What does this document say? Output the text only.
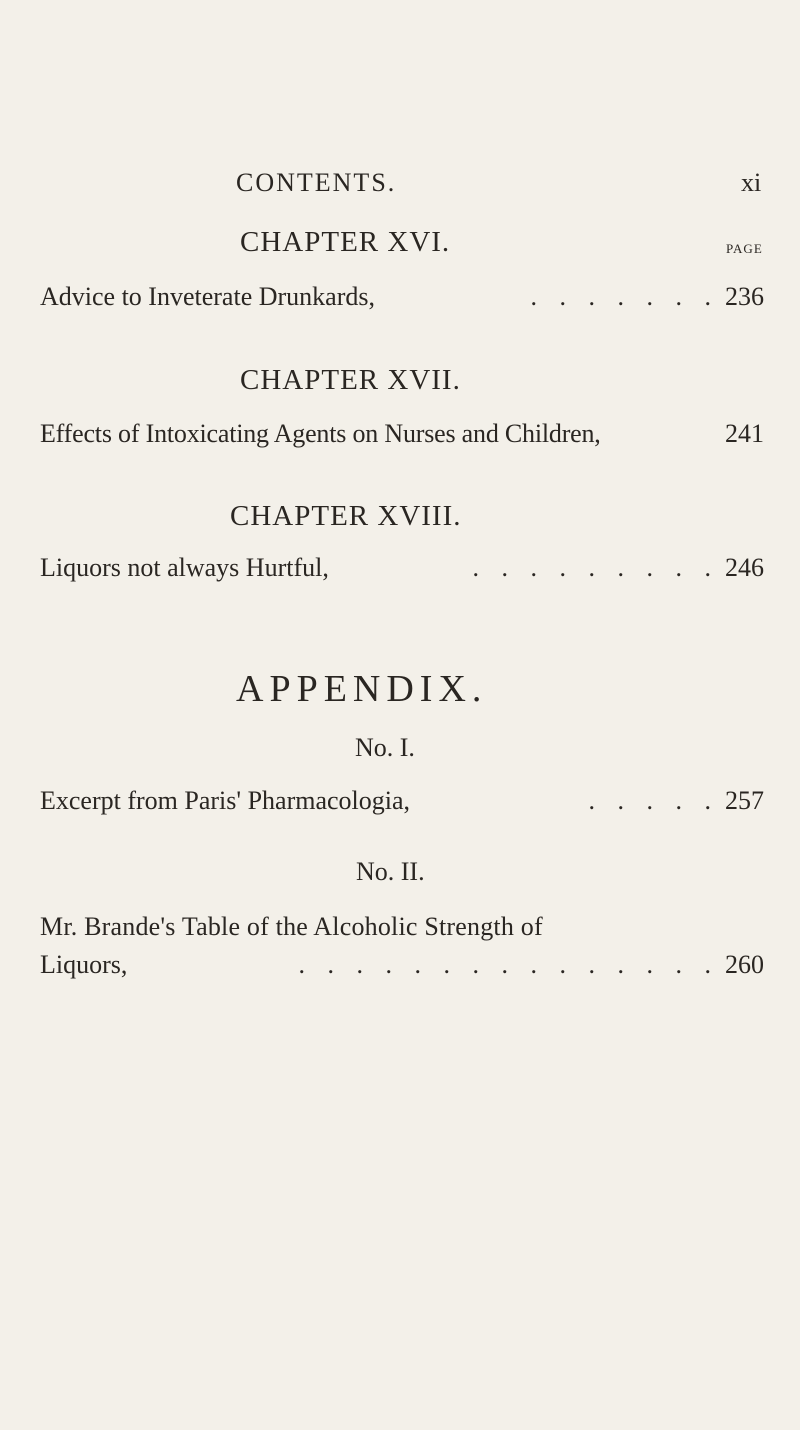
CONTENTS.	xi
CHAPTER XVI.	PAGE
Advice to Inveterate Drunkards,	. . . . . . . 236
CHAPTER XVII.
Effects of Intoxicating Agents on Nurses and Children,	241
CHAPTER XVIII.
Liquors not always Hurtful,	. . . . . . . . . 246
APPENDIX.
No. I.
Excerpt from Paris' Pharmacologia,	. . . . . 257
No. II.
Mr. Brande's Table of the Alcoholic Strength of
Liquors,	. . . . . . . . . . . . . . . 260
